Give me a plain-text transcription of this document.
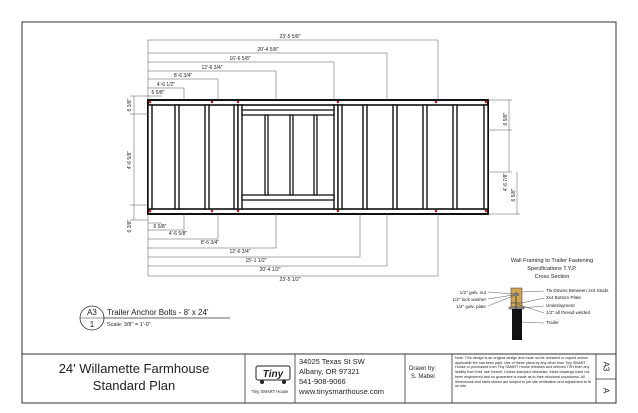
23'-5 5/8"
20'-4 5/8"
16'-6 5/8"
12'-6 3/4"
8'-6 3/4"
4'-6 1/2"
6 5/8"
6 5/8"
4'-6 5/8"
8'-6 3/4"
12'-6 3/4"
15'-1 1/2"
20'-4 1/2"
23'-5 1/2"
6 3/8"
4'-6 5/8"
6 3/8"
6 5/8"
4'-6 7/8"
6 5/8"
Wall Framing to Trailer Fastening
Specifications T.Y.P.
Cross Section
1/2" galv. nut
1/2" lock washer
1/2" galv. plate
Tie Downs Between 2x4 Studs
2x4 Bottom Plate
Underlayment
1/2" all thread welded
Trailer
A3
1
Trailer Anchor Bolts - 8' x 24'
Scale: 3/8" = 1'-0"
Tiny
Tiny SMART House
24' Willamette Farmhouse
Standard Plan
34025 Texas St SW
Albany, OR 97321
541-908-9066
www.tinysmarthouse.com
Drawn by:
S. Mabel
Note: This design is an original design and must not be released or copied unless applicable fee has been paid. Use of these plans by any other than Tiny SMART House or purchased from Tiny SMART House releases and relieves TSH from any liability from their use thereof. Unless stamped otherwise, these drawings have not been engineered and no guarantee is made as to their structural soundness. All dimensions and sizes shown are subject to job site verification and adjustment to fit on site.
A3
A
